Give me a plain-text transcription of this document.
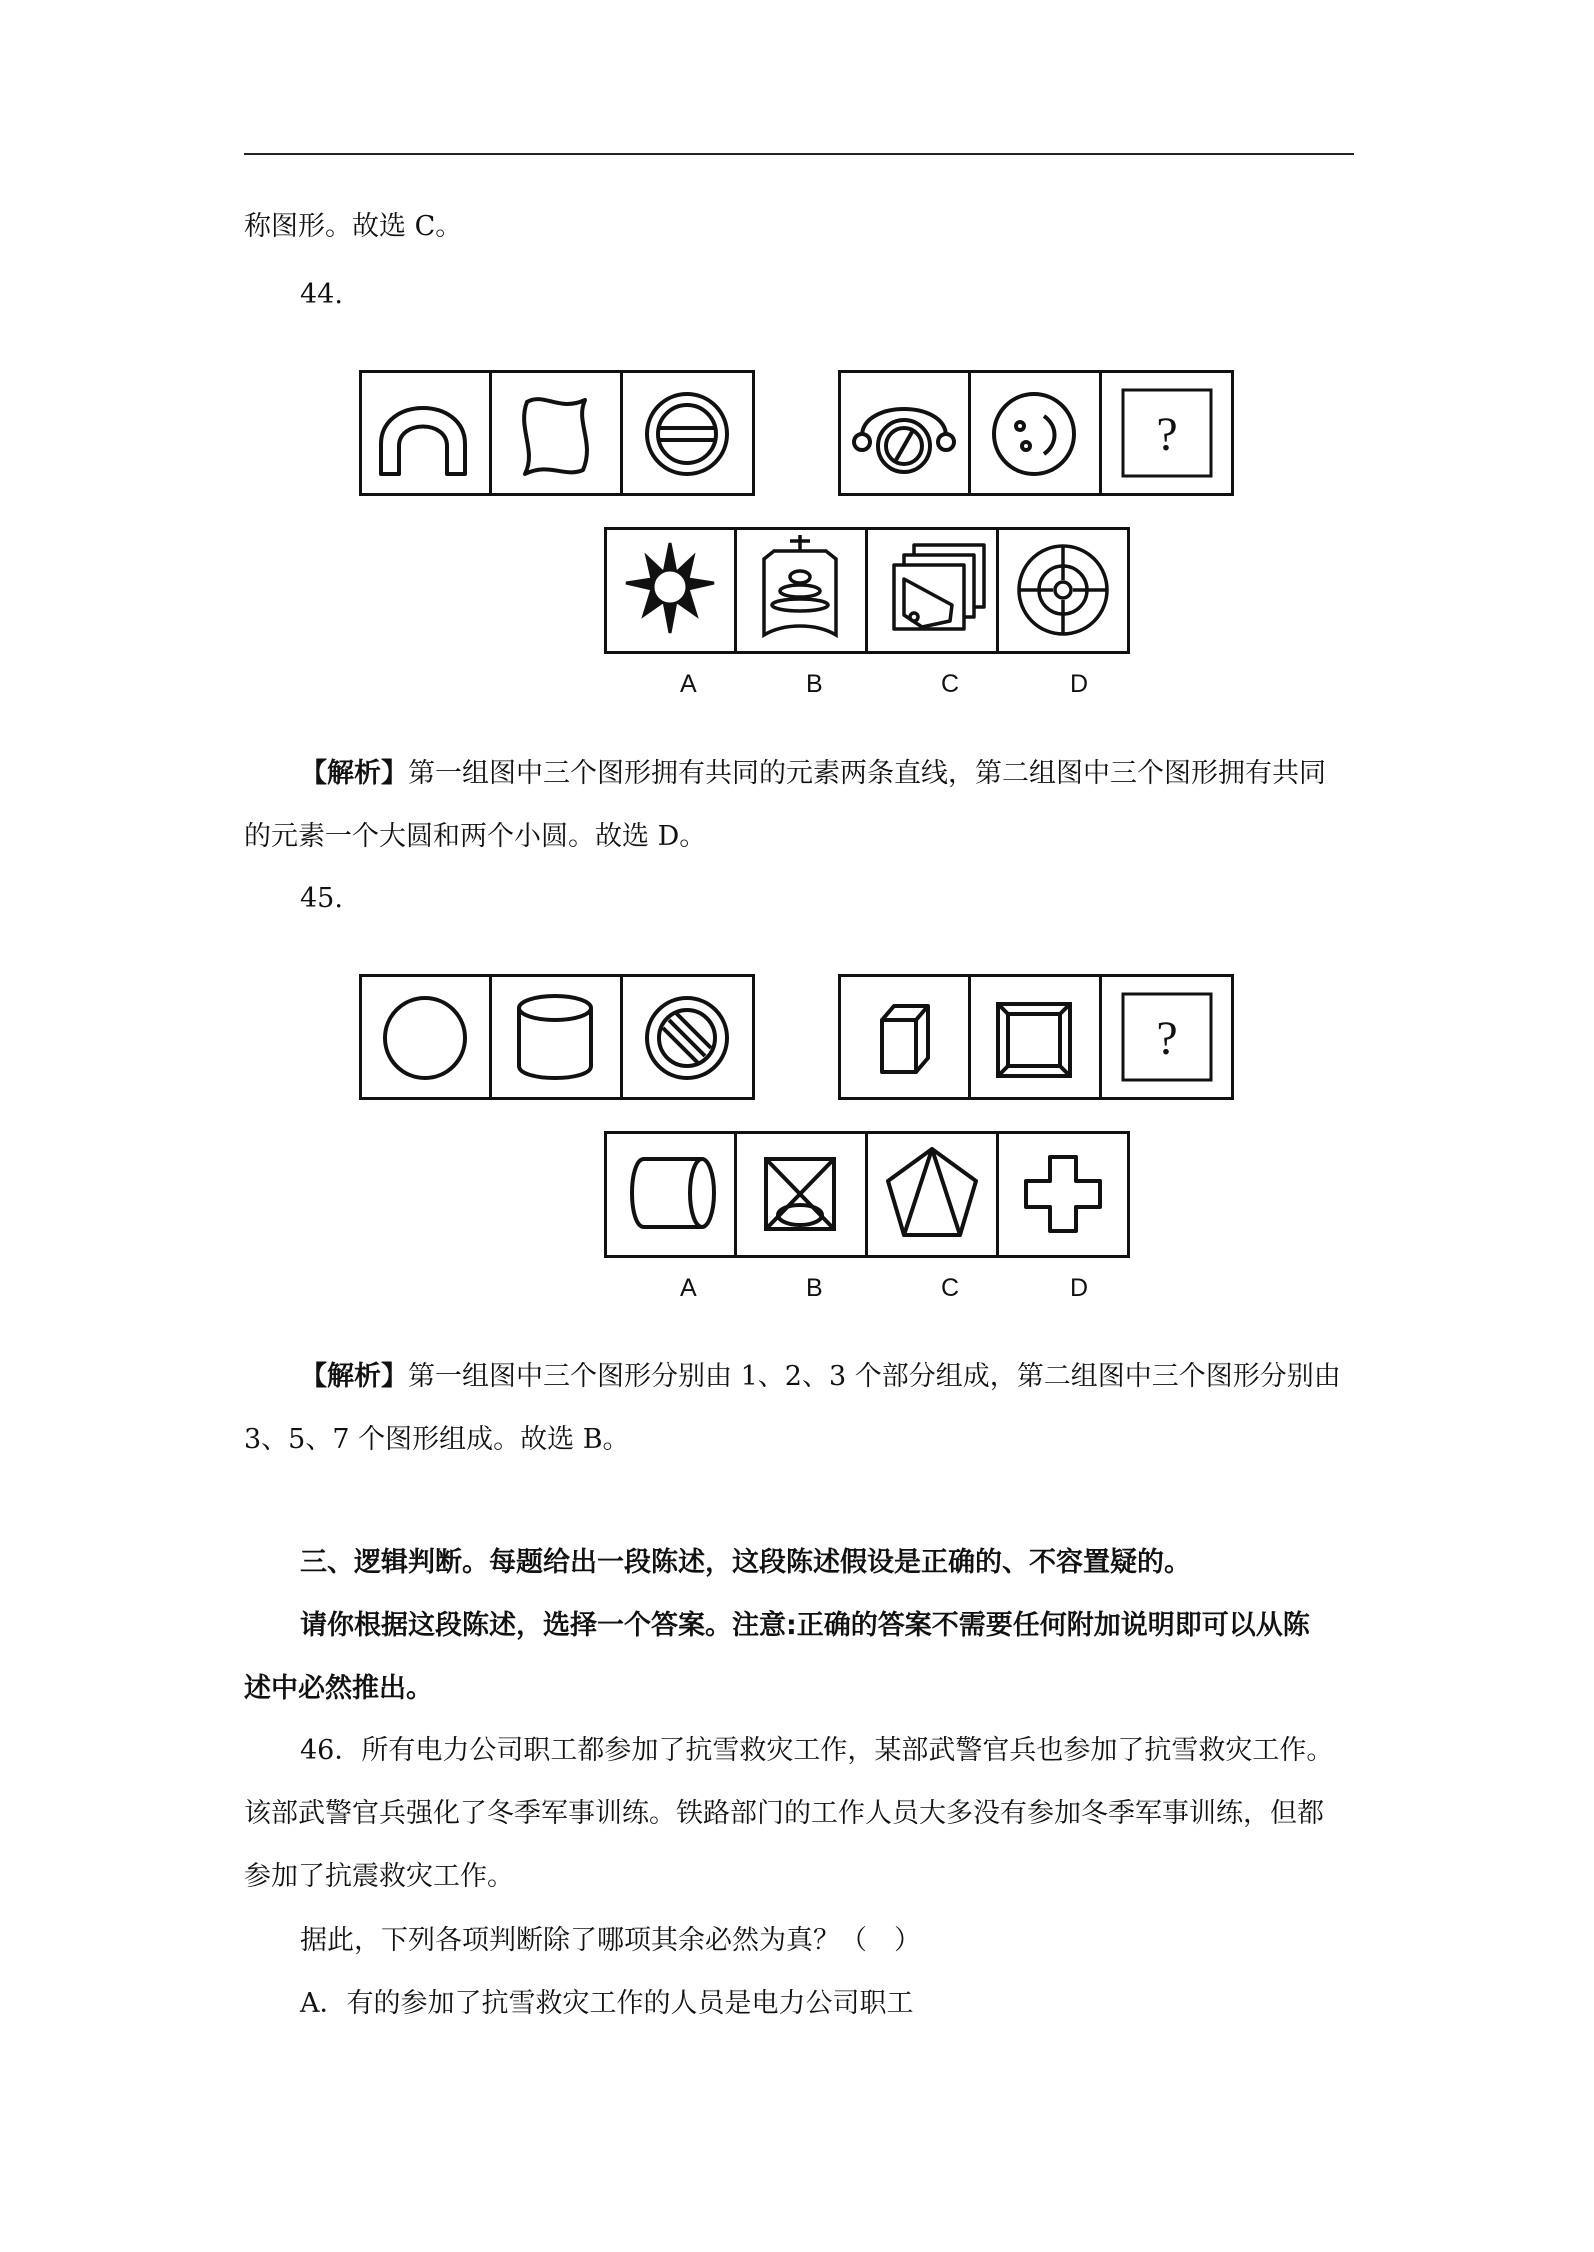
称图形。故选 C。
44.
?
A	B	C	D
【解析】第一组图中三个图形拥有共同的元素两条直线，第二组图中三个图形拥有共同
的元素一个大圆和两个小圆。故选 D。
45.
?
A	B	C	D
【解析】第一组图中三个图形分别由 1、2、3 个部分组成，第二组图中三个图形分别由
3、5、7 个图形组成。故选 B。
三、逻辑判断。每题给出一段陈述，这段陈述假设是正确的、不容置疑的。
请你根据这段陈述，选择一个答案。注意:正确的答案不需要任何附加说明即可以从陈
述中必然推出。
46．所有电力公司职工都参加了抗雪救灾工作，某部武警官兵也参加了抗雪救灾工作。
该部武警官兵强化了冬季军事训练。铁路部门的工作人员大多没有参加冬季军事训练，但都
参加了抗震救灾工作。
据此，下列各项判断除了哪项其余必然为真？（　）
A．有的参加了抗雪救灾工作的人员是电力公司职工
